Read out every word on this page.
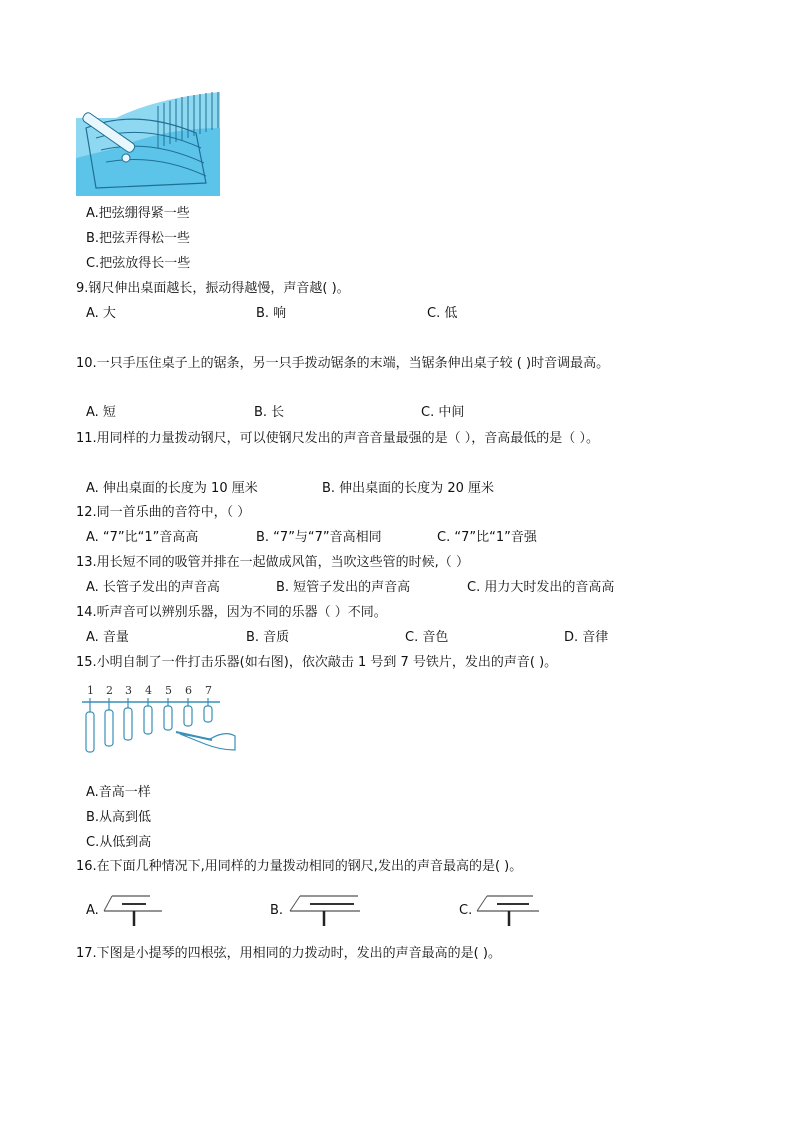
A.把弦绷得紧一些
B.把弦弄得松一些
C.把弦放得长一些
9.钢尺伸出桌面越长，振动得越慢，声音越( )。
A. 大	B. 响	C. 低
10.一只手压住桌子上的锯条，另一只手拨动锯条的末端，当锯条伸出桌子较 ( )时音调最高。
A. 短	B. 长	C. 中间
11.用同样的力量拨动钢尺，可以使钢尺发出的声音音量最强的是（ ），音高最低的是（ ）。
A. 伸出桌面的长度为 10 厘米	B. 伸出桌面的长度为 20 厘米
12.同一首乐曲的音符中，（ ）
A. “7”比“1”音高高	B. “7”与“7”音高相同	C. “7”比“1”音强
13.用长短不同的吸管并排在一起做成风笛，当吹这些管的时候,（ ）
A. 长管子发出的声音高	B. 短管子发出的声音高	C. 用力大时发出的音高高
14.听声音可以辨别乐器，因为不同的乐器（ ）不同。
A. 音量	B. 音质	C. 音色	D. 音律
15.小明自制了一件打击乐器(如右图)，依次敲击 1 号到 7 号铁片，发出的声音( )。
1 2 3 4 5 6 7
A.音高一样
B.从高到低
C.从低到高
16.在下面几种情况下,用同样的力量拨动相同的钢尺,发出的声音最高的是( )。
A.	B.	C.
17.下图是小提琴的四根弦，用相同的力拨动时，发出的声音最高的是( )。
